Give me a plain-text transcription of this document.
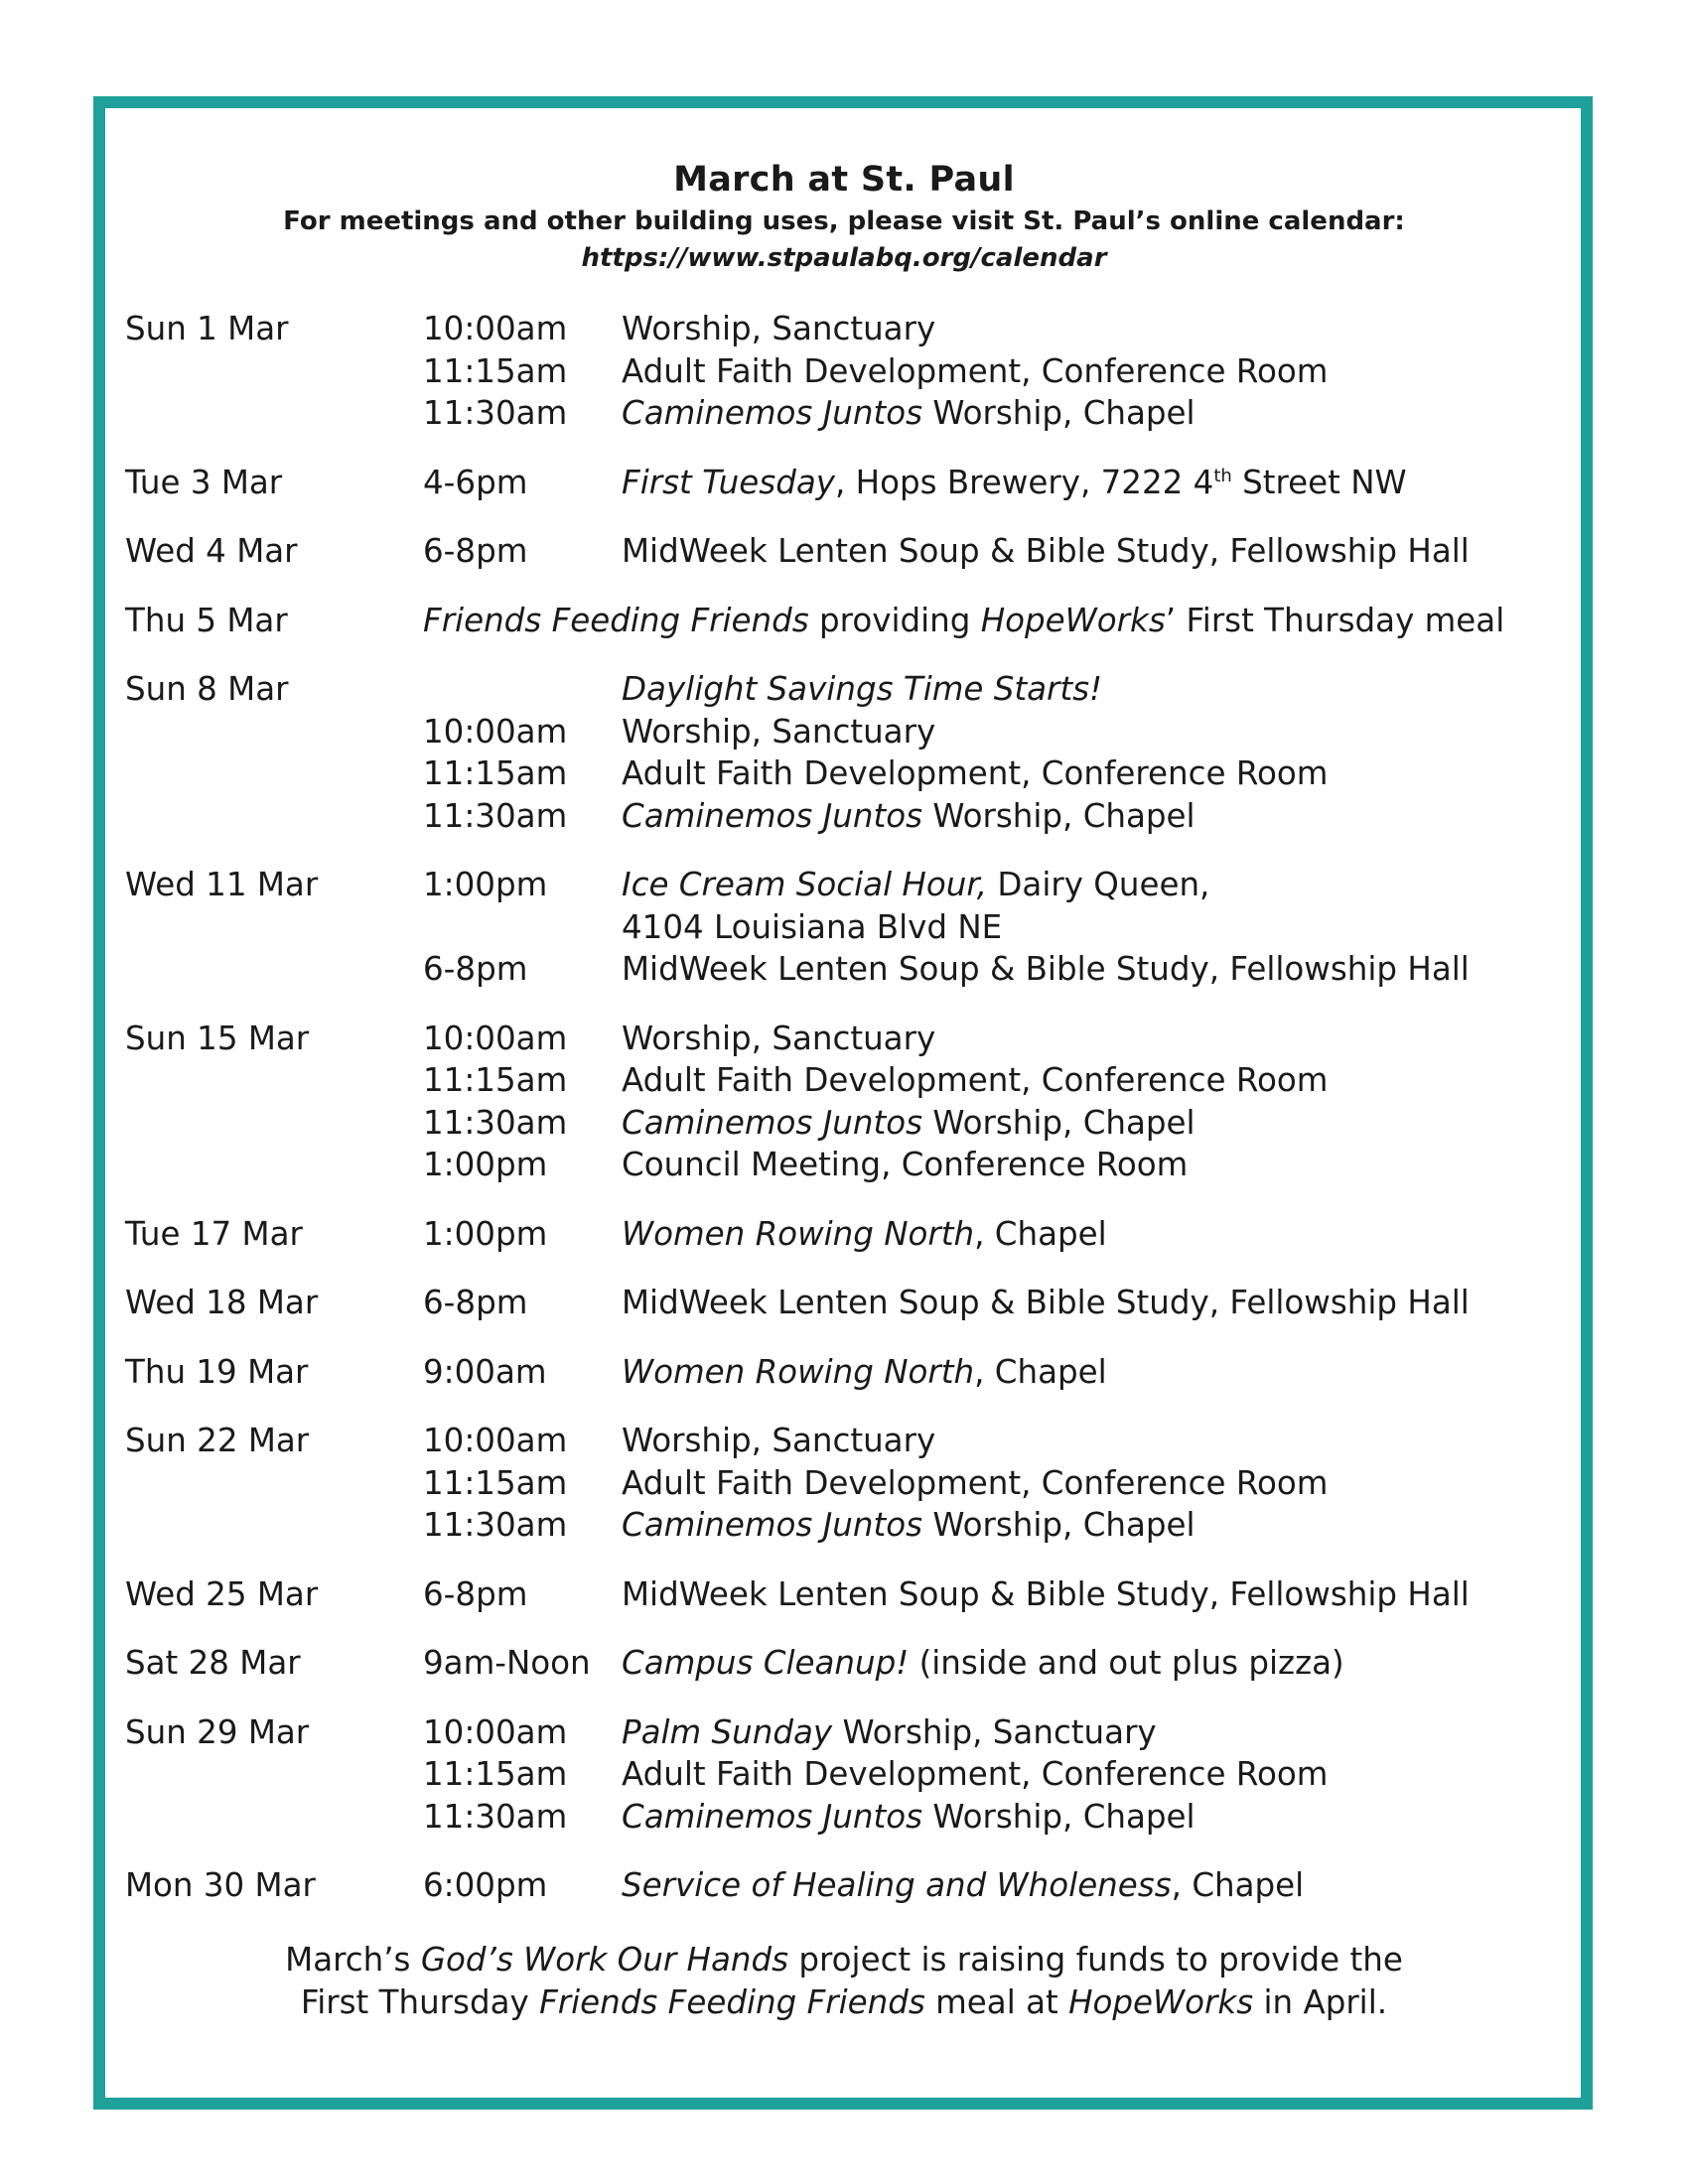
March at St. Paul
For meetings and other building uses, please visit St. Paul’s online calendar:
https://www.stpaulabq.org/calendar
Sun 1 Mar	10:00am	Worship, Sanctuary
11:15am	Adult Faith Development, Conference Room
11:30am	Caminemos Juntos Worship, Chapel
Tue 3 Mar	4-6pm	First Tuesday, Hops Brewery, 7222 4th Street NW
Wed 4 Mar	6-8pm	MidWeek Lenten Soup & Bible Study, Fellowship Hall
Thu 5 Mar	Friends Feeding Friends providing HopeWorks’ First Thursday meal
Sun 8 Mar	Daylight Savings Time Starts!
10:00am	Worship, Sanctuary
11:15am	Adult Faith Development, Conference Room
11:30am	Caminemos Juntos Worship, Chapel
Wed 11 Mar	1:00pm	Ice Cream Social Hour, Dairy Queen,
4104 Louisiana Blvd NE
6-8pm	MidWeek Lenten Soup & Bible Study, Fellowship Hall
Sun 15 Mar	10:00am	Worship, Sanctuary
11:15am	Adult Faith Development, Conference Room
11:30am	Caminemos Juntos Worship, Chapel
1:00pm	Council Meeting, Conference Room
Tue 17 Mar	1:00pm	Women Rowing North, Chapel
Wed 18 Mar	6-8pm	MidWeek Lenten Soup & Bible Study, Fellowship Hall
Thu 19 Mar	9:00am	Women Rowing North, Chapel
Sun 22 Mar	10:00am	Worship, Sanctuary
11:15am	Adult Faith Development, Conference Room
11:30am	Caminemos Juntos Worship, Chapel
Wed 25 Mar	6-8pm	MidWeek Lenten Soup & Bible Study, Fellowship Hall
Sat 28 Mar	9am-Noon Campus Cleanup! (inside and out plus pizza)
Sun 29 Mar	10:00am	Palm Sunday Worship, Sanctuary
11:15am	Adult Faith Development, Conference Room
11:30am	Caminemos Juntos Worship, Chapel
Mon 30 Mar	6:00pm	Service of Healing and Wholeness, Chapel
March’s God’s Work Our Hands project is raising funds to provide the
First Thursday Friends Feeding Friends meal at HopeWorks in April.
